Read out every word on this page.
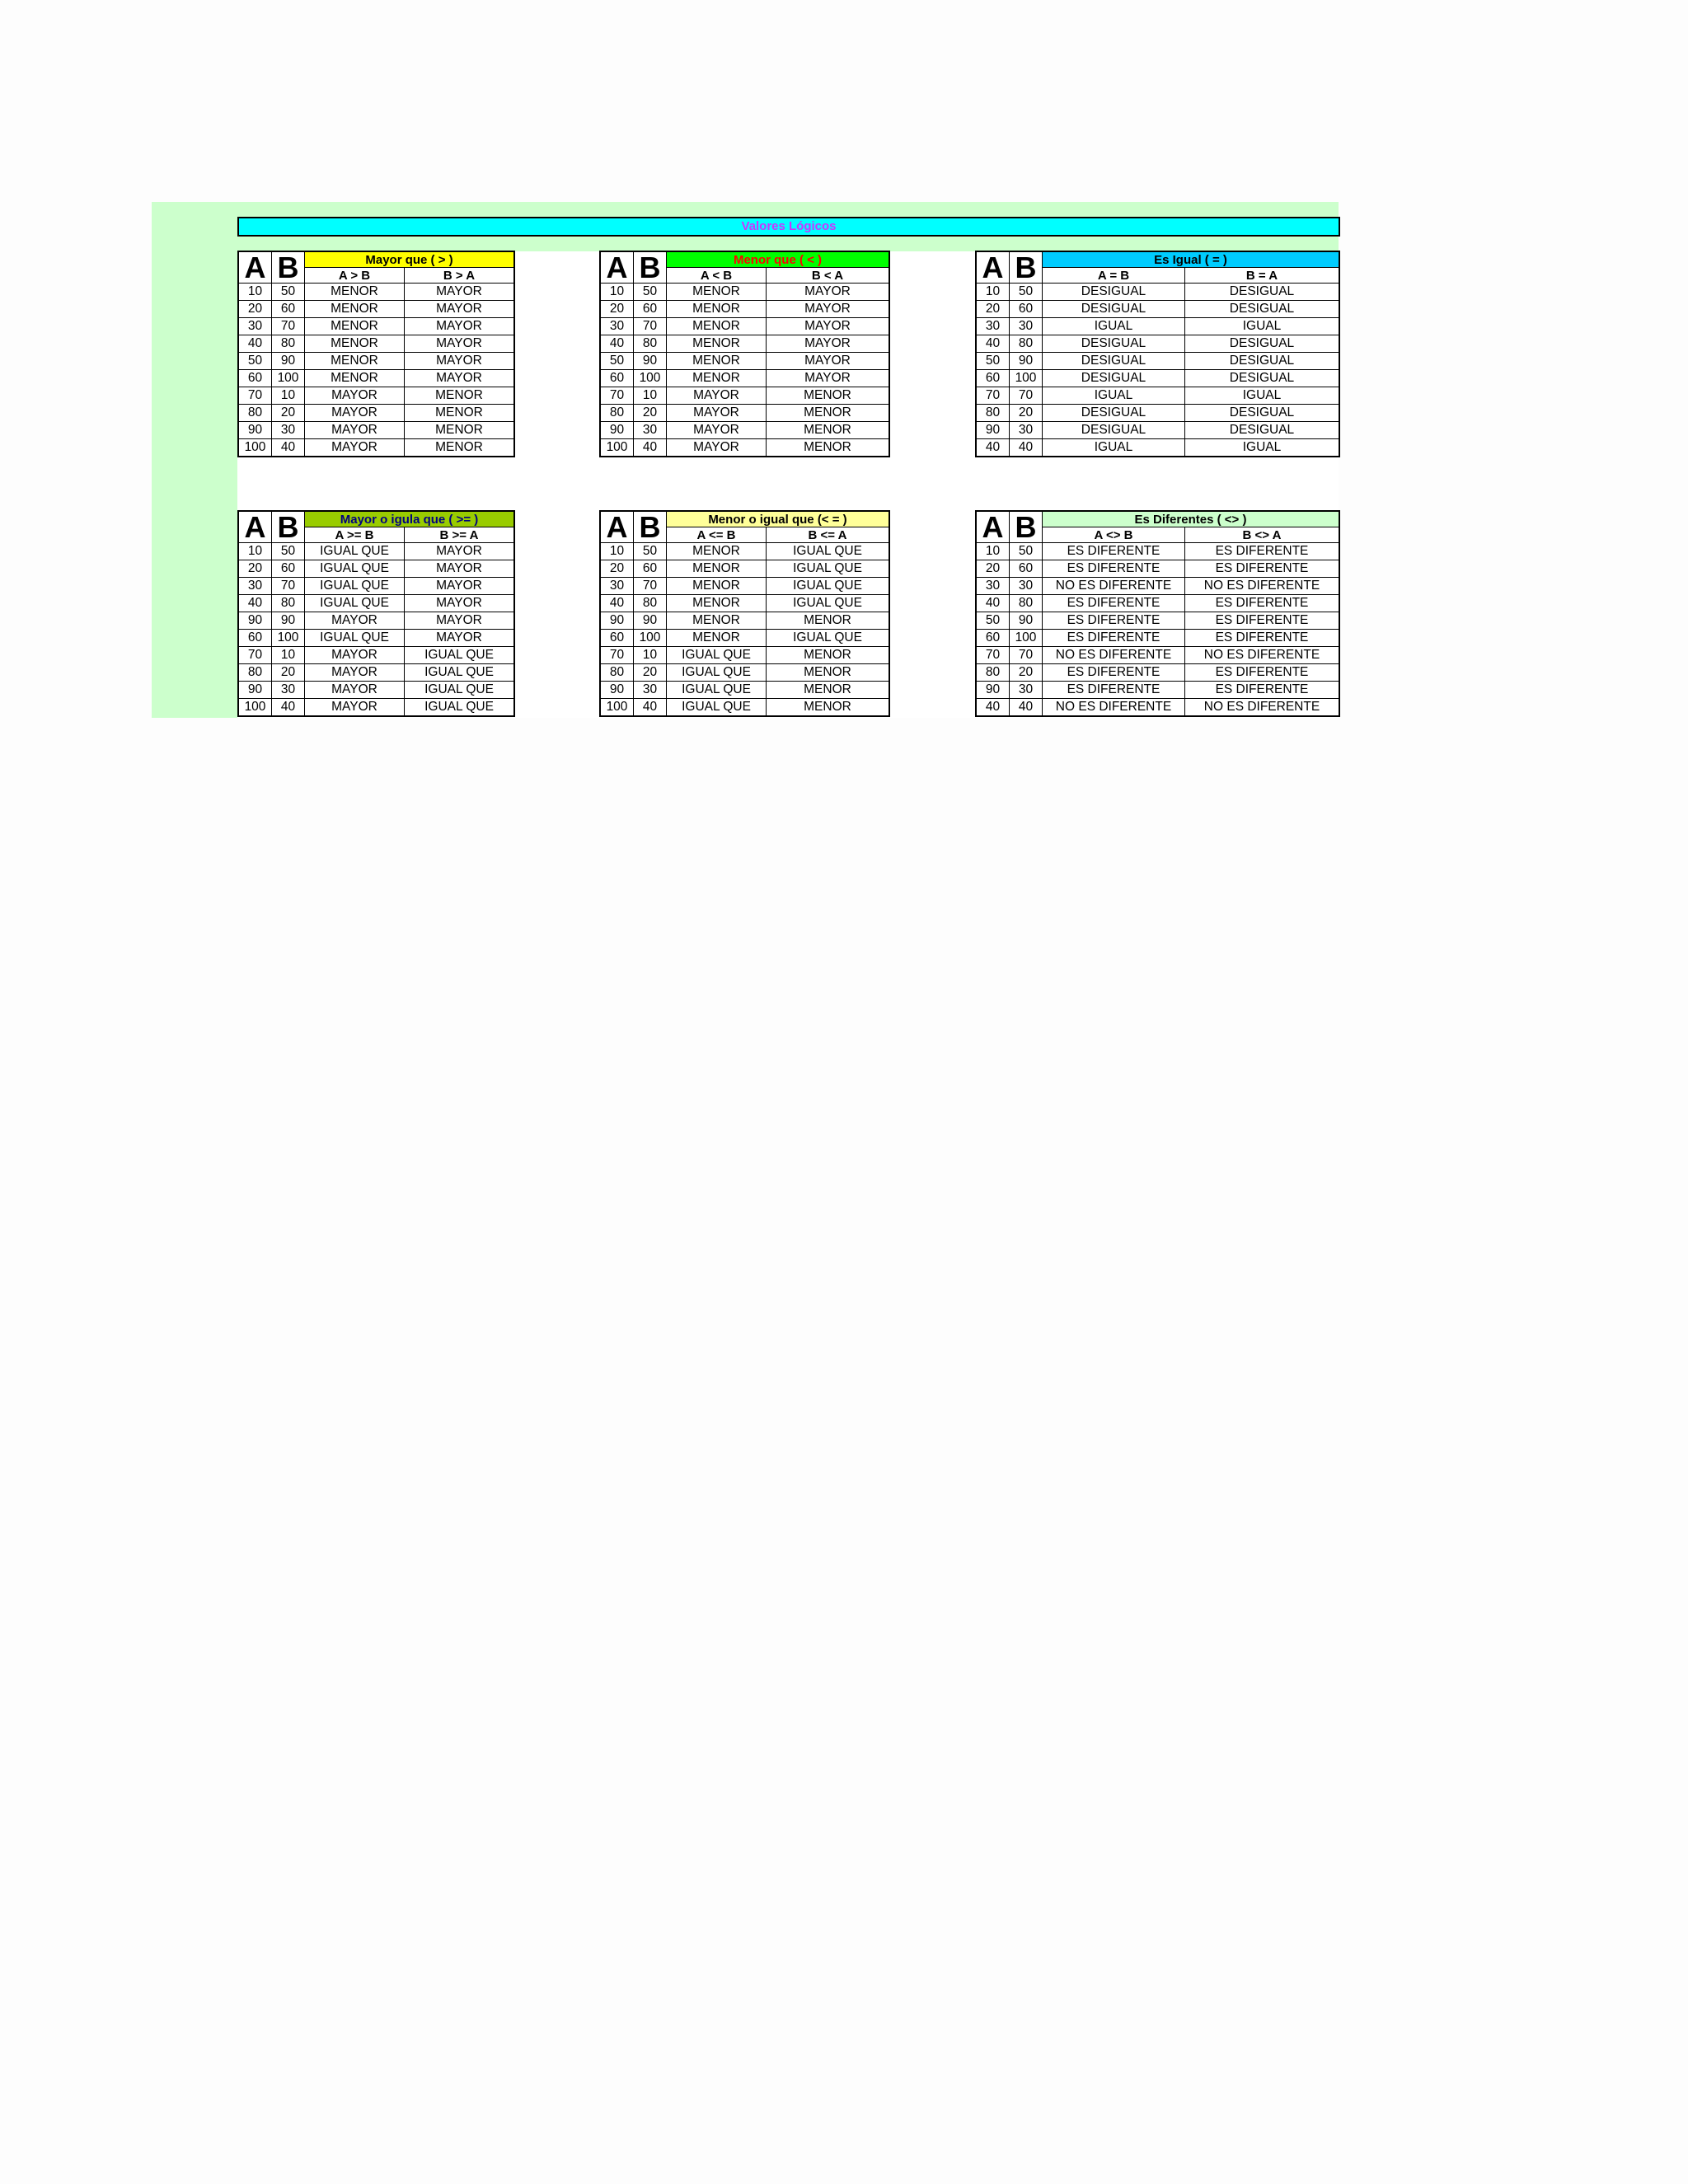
Valores Lógicos
A B	Mayor que ( > )
A > B	B > A
10	50	MENOR	MAYOR
20	60	MENOR	MAYOR
30	70	MENOR	MAYOR
40	80	MENOR	MAYOR
50	90	MENOR	MAYOR
60	100	MENOR	MAYOR
70	10	MAYOR	MENOR
80	20	MAYOR	MENOR
90	30	MAYOR	MENOR
100	40	MAYOR	MENOR
A B	Menor que ( < )
A < B	B < A
10	50	MENOR	MAYOR
20	60	MENOR	MAYOR
30	70	MENOR	MAYOR
40	80	MENOR	MAYOR
50	90	MENOR	MAYOR
60	100	MENOR	MAYOR
70	10	MAYOR	MENOR
80	20	MAYOR	MENOR
90	30	MAYOR	MENOR
100	40	MAYOR	MENOR
A B	Es Igual ( = )
A = B	B = A
10	50	DESIGUAL	DESIGUAL
20	60	DESIGUAL	DESIGUAL
30	30	IGUAL	IGUAL
40	80	DESIGUAL	DESIGUAL
50	90	DESIGUAL	DESIGUAL
60	100	DESIGUAL	DESIGUAL
70	70	IGUAL	IGUAL
80	20	DESIGUAL	DESIGUAL
90	30	DESIGUAL	DESIGUAL
40	40	IGUAL	IGUAL
A B	Mayor o igula que ( >= )
A >= B	B >= A
10	50	IGUAL QUE	MAYOR
20	60	IGUAL QUE	MAYOR
30	70	IGUAL QUE	MAYOR
40	80	IGUAL QUE	MAYOR
90	90	MAYOR	MAYOR
60	100	IGUAL QUE	MAYOR
70	10	MAYOR	IGUAL QUE
80	20	MAYOR	IGUAL QUE
90	30	MAYOR	IGUAL QUE
100	40	MAYOR	IGUAL QUE
A B	Menor o igual que (< = )
A <= B	B <= A
10	50	MENOR	IGUAL QUE
20	60	MENOR	IGUAL QUE
30	70	MENOR	IGUAL QUE
40	80	MENOR	IGUAL QUE
90	90	MENOR	MENOR
60	100	MENOR	IGUAL QUE
70	10	IGUAL QUE	MENOR
80	20	IGUAL QUE	MENOR
90	30	IGUAL QUE	MENOR
100	40	IGUAL QUE	MENOR
A B	Es Diferentes ( <> )
A <> B	B <> A
10	50	ES DIFERENTE	ES DIFERENTE
20	60	ES DIFERENTE	ES DIFERENTE
30	30	NO ES DIFERENTE	NO ES DIFERENTE
40	80	ES DIFERENTE	ES DIFERENTE
50	90	ES DIFERENTE	ES DIFERENTE
60	100	ES DIFERENTE	ES DIFERENTE
70	70	NO ES DIFERENTE	NO ES DIFERENTE
80	20	ES DIFERENTE	ES DIFERENTE
90	30	ES DIFERENTE	ES DIFERENTE
40	40	NO ES DIFERENTE	NO ES DIFERENTE
